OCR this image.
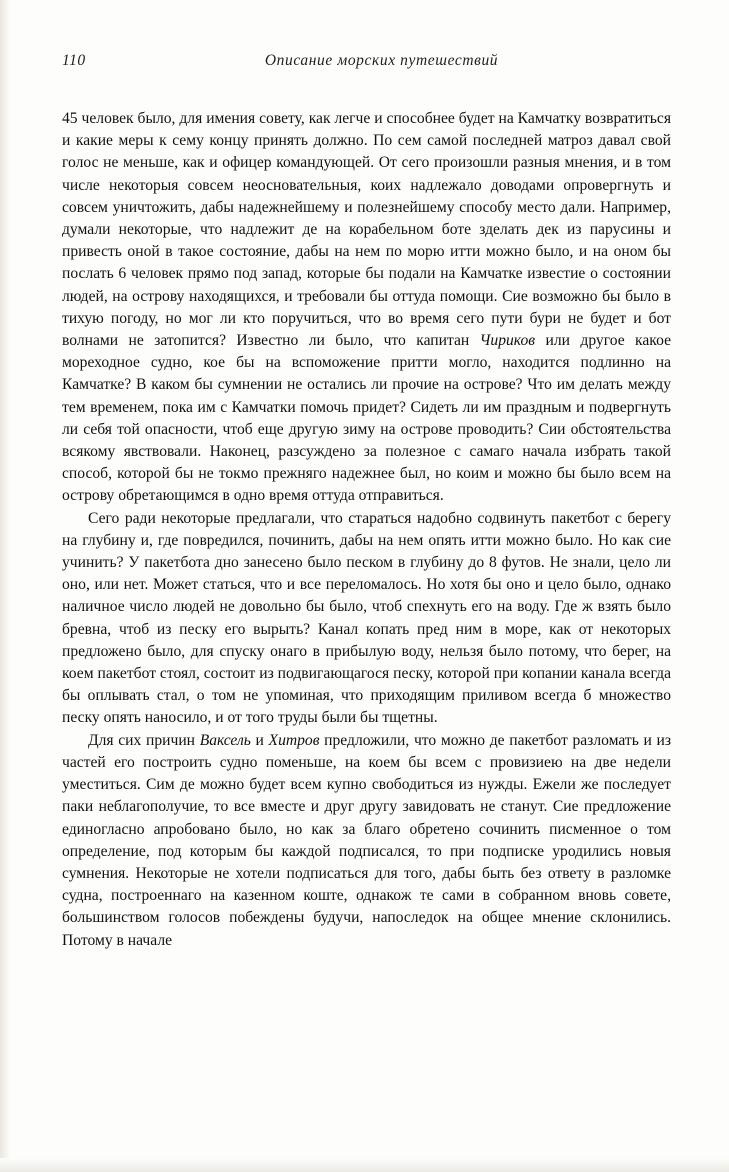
110	Описание морских путешествий

45 человек было, для имения совету, как легче и способнее будет на Камчатку возвратиться и какие меры к сему концу принять должно. По сем самой последней матроз давал свой голос не меньше, как и офицер командующей. От сего произошли разныя мнения, и в том числе некоторыя совсем неосновательныя, коих надлежало доводами опровергнуть и совсем уничтожить, дабы надежнейшему и полезнейшему способу место дали. Например, думали некоторые, что надлежит де на корабельном боте зделать дек из парусины и привесть оной в такое состояние, дабы на нем по морю итти можно было, и на оном бы послать 6 человек прямо под запад, которые бы подали на Камчатке известие о состоянии людей, на острову находящихся, и требовали бы оттуда помощи. Сие возможно бы было в тихую погоду, но мог ли кто поручиться, что во время сего пути бури не будет и бот волнами не затопится? Известно ли было, что капитан Чириков или другое какое мореходное судно, кое бы на вспоможение притти могло, находится подлинно на Камчатке? В каком бы сумнении не остались ли прочие на острове? Что им делать между тем временем, пока им с Камчатки помочь придет? Сидеть ли им праздным и подвергнуть ли себя той опасности, чтоб еще другую зиму на острове проводить? Сии обстоятельства всякому явствовали. Наконец, разсуждено за полезное с самаго начала избрать такой способ, которой бы не токмо прежняго надежнее был, но коим и можно бы было всем на острову обретающимся в одно время оттуда отправиться.

Сего ради некоторые предлагали, что стараться надобно содвинуть пакетбот с берегу на глубину и, где повредился, починить, дабы на нем опять итти можно было. Но как сие учинить? У пакетбота дно занесено было песком в глубину до 8 футов. Не знали, цело ли оно, или нет. Может статься, что и все переломалось. Но хотя бы оно и цело было, однако наличное число людей не довольно бы было, чтоб спехнуть его на воду. Где ж взять было бревна, чтоб из песку его вырыть? Канал копать пред ним в море, как от некоторых предложено было, для спуску онаго в прибылую воду, нельзя было потому, что берег, на коем пакетбот стоял, состоит из подвигающагося песку, которой при копании канала всегда бы оплывать стал, о том не упоминая, что приходящим приливом всегда б множество песку опять наносило, и от того труды были бы тщетны.

Для сих причин Ваксель и Хитров предложили, что можно де пакетбот разломать и из частей его построить судно поменьше, на коем бы всем с провизиею на две недели уместиться. Сим де можно будет всем купно свободиться из нужды. Ежели же последует паки неблагополучие, то все вместе и друг другу завидовать не станут. Сие предложение единогласно апробовано было, но как за благо обретено сочинить писменное о том определение, под которым бы каждой подписался, то при подписке уродились новыя сумнения. Некоторые не хотели подписаться для того, дабы быть без ответу в разломке судна, построеннаго на казенном коште, однакож те сами в собранном вновь совете, большинством голосов побеждены будучи, напоследок на общее мнение склонились. Потому в начале
